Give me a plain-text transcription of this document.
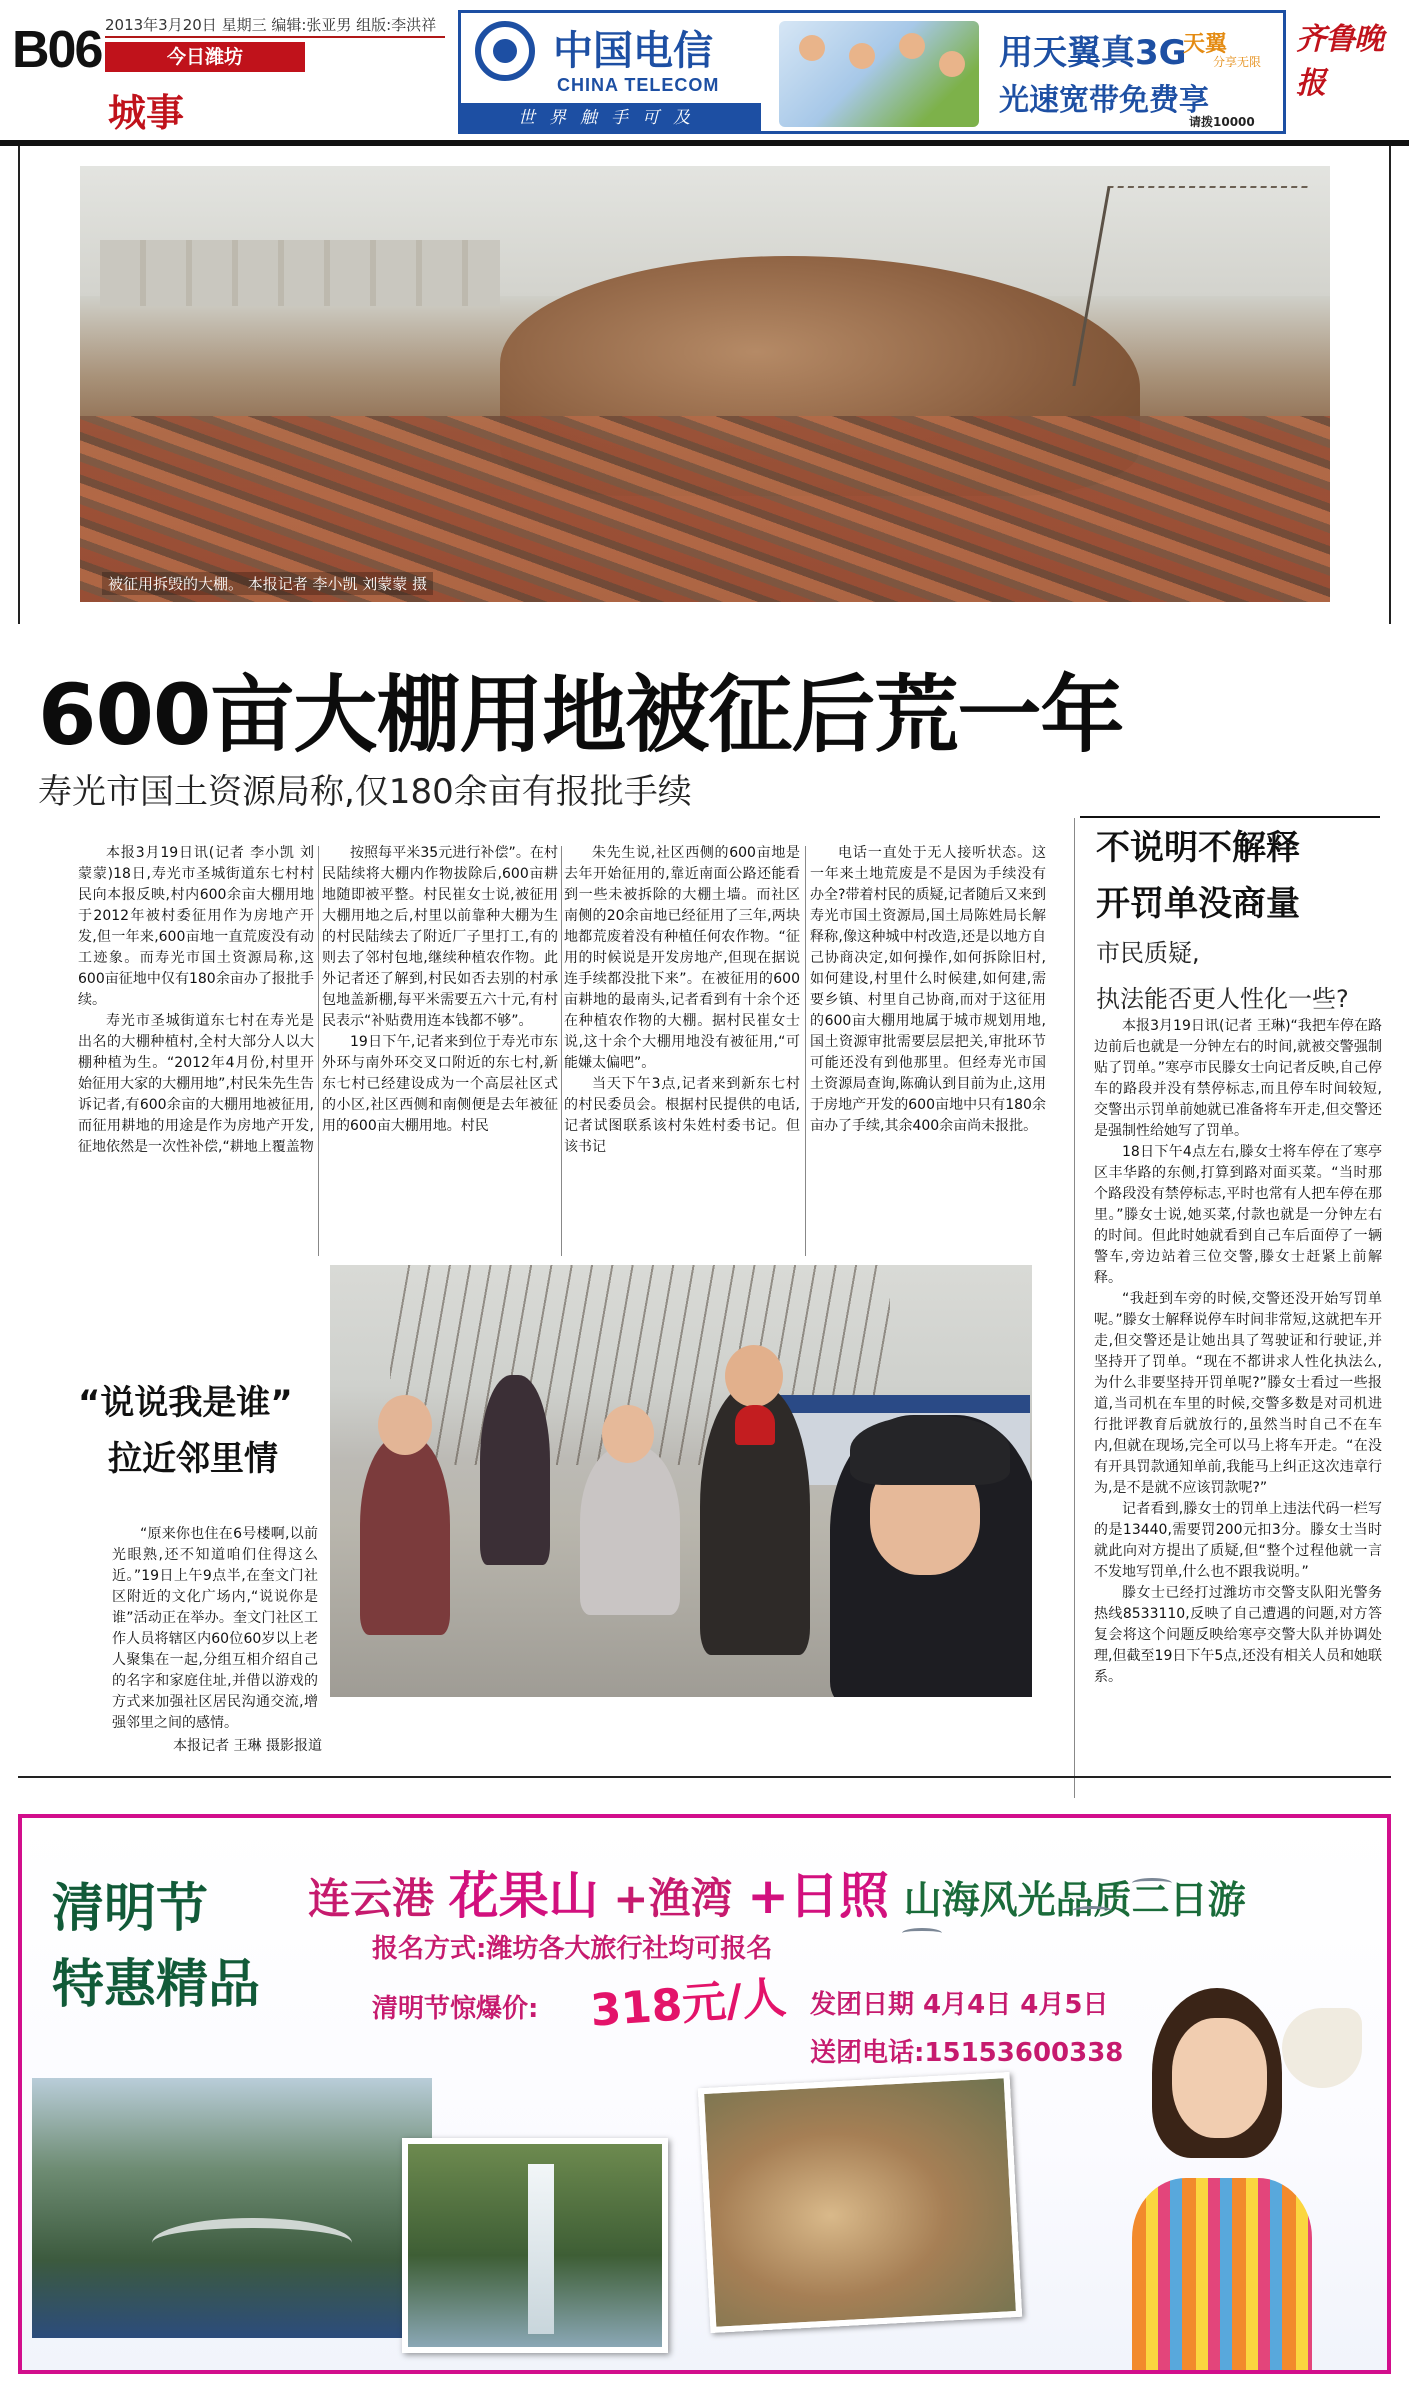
B06 2013年3月20日 星期三 编辑:张亚男 组版:李洪祥
今日潍坊
城事
中国电信
CHINA TELECOM
世界触手可及
用天翼真3G
光速宽带免费享
天翼
分享无限
请拨10000
齐鲁晚报
被征用拆毁的大棚。 本报记者 李小凯 刘蒙蒙 摄
600亩大棚用地被征后荒一年
寿光市国土资源局称,仅180余亩有报批手续

本报3月19日讯(记者 李小凯 刘蒙蒙)18日,寿光市圣城街道东七村村民向本报反映,村内600余亩大棚用地于2012年被村委征用作为房地产开发,但一年来,600亩地一直荒废没有动工迹象。而寿光市国土资源局称,这600亩征地中仅有180余亩办了报批手续。

寿光市圣城街道东七村在寿光是出名的大棚种植村,全村大部分人以大棚种植为生。“2012年4月份,村里开始征用大家的大棚用地”,村民朱先生告诉记者,有600余亩的大棚用地被征用,而征用耕地的用途是作为房地产开发,征地依然是一次性补偿,“耕地上覆盖物

按照每平米35元进行补偿”。在村民陆续将大棚内作物拔除后,600亩耕地随即被平整。村民崔女士说,被征用大棚用地之后,村里以前靠种大棚为生的村民陆续去了附近厂子里打工,有的则去了邻村包地,继续种植农作物。此外记者还了解到,村民如否去别的村承包地盖新棚,每平米需要五六十元,有村民表示“补贴费用连本钱都不够”。

19日下午,记者来到位于寿光市东外环与南外环交叉口附近的东七村,新东七村已经建设成为一个高层社区式的小区,社区西侧和南侧便是去年被征用的600亩大棚用地。村民

朱先生说,社区西侧的600亩地是去年开始征用的,靠近南面公路还能看到一些未被拆除的大棚土墙。而社区南侧的20余亩地已经征用了三年,两块地都荒废着没有种植任何农作物。“征用的时候说是开发房地产,但现在据说连手续都没批下来”。在被征用的600亩耕地的最南头,记者看到有十余个还在种植农作物的大棚。据村民崔女士说,这十余个大棚用地没有被征用,“可能嫌太偏吧”。

当天下午3点,记者来到新东七村的村民委员会。根据村民提供的电话,记者试图联系该村朱姓村委书记。但该书记

电话一直处于无人接听状态。这一年来土地荒废是不是因为手续没有办全?带着村民的质疑,记者随后又来到寿光市国土资源局,国土局陈姓局长解释称,像这种城中村改造,还是以地方自己协商决定,如何操作,如何拆除旧村,如何建设,村里什么时候建,如何建,需要乡镇、村里自己协商,而对于这征用的600亩大棚用地属于城市规划用地,国土资源审批需要层层把关,审批环节可能还没有到他那里。但经寿光市国土资源局查询,陈确认到目前为止,这用于房地产开发的600亩地中只有180余亩办了手续,其余400余亩尚未报批。

不说明不解释
开罚单没商量
市民质疑,
执法能否更人性化一些?

本报3月19日讯(记者 王琳)“我把车停在路边前后也就是一分钟左右的时间,就被交警强制贴了罚单。”寒亭市民滕女士向记者反映,自己停车的路段并没有禁停标志,而且停车时间较短,交警出示罚单前她就已准备将车开走,但交警还是强制性给她写了罚单。

18日下午4点左右,滕女士将车停在了寒亭区丰华路的东侧,打算到路对面买菜。“当时那个路段没有禁停标志,平时也常有人把车停在那里。”滕女士说,她买菜,付款也就是一分钟左右的时间。但此时她就看到自己车后面停了一辆警车,旁边站着三位交警,滕女士赶紧上前解释。

“我赶到车旁的时候,交警还没开始写罚单呢。”滕女士解释说停车时间非常短,这就把车开走,但交警还是让她出具了驾驶证和行驶证,并坚持开了罚单。“现在不都讲求人性化执法么,为什么非要坚持开罚单呢?”滕女士看过一些报道,当司机在车里的时候,交警多数是对司机进行批评教育后就放行的,虽然当时自己不在车内,但就在现场,完全可以马上将车开走。“在没有开具罚款通知单前,我能马上纠正这次违章行为,是不是就不应该罚款呢?”

记者看到,滕女士的罚单上违法代码一栏写的是13440,需要罚200元扣3分。滕女士当时就此向对方提出了质疑,但“整个过程他就一言不发地写罚单,什么也不跟我说明。”

滕女士已经打过潍坊市交警支队阳光警务热线8533110,反映了自己遭遇的问题,对方答复会将这个问题反映给寒亭交警大队并协调处理,但截至19日下午5点,还没有相关人员和她联系。

“说说我是谁”
拉近邻里情

“原来你也住在6号楼啊,以前光眼熟,还不知道咱们住得这么近。”19日上午9点半,在奎文门社区附近的文化广场内,“说说你是谁”活动正在举办。奎文门社区工作人员将辖区内60位60岁以上老人聚集在一起,分组互相介绍自己的名字和家庭住址,并借以游戏的方式来加强社区居民沟通交流,增强邻里之间的感情。

本报记者 王琳 摄影报道
清明节
特惠精品
连云港 花果山 +渔湾 +日照 山海风光品质二日游
报名方式:潍坊各大旅行社均可报名
清明节惊爆价: 318元/人 发团日期 4月4日 4月5日
送团电话:15153600338
